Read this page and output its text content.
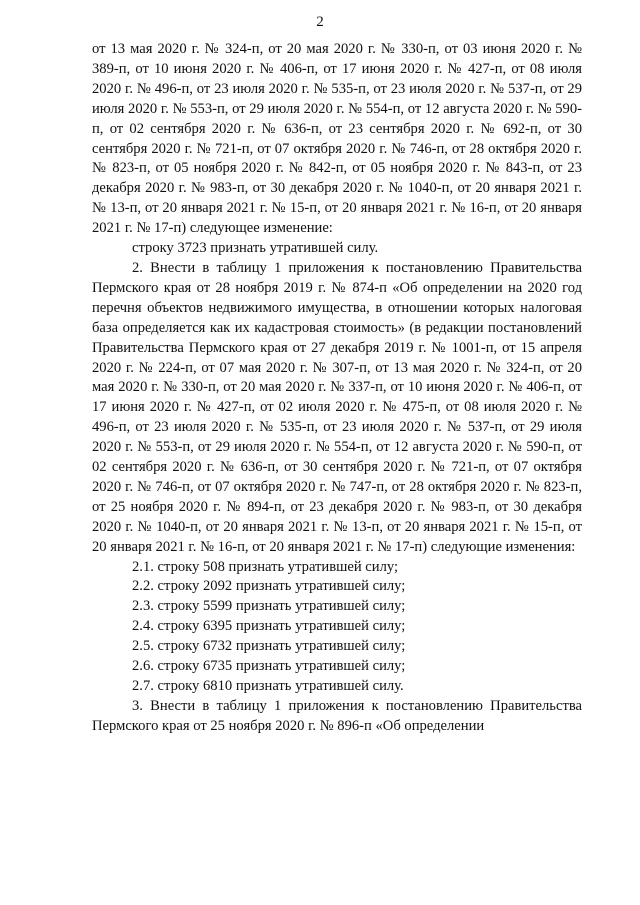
2

от 13 мая 2020 г. № 324-п, от 20 мая 2020 г. № 330-п, от 03 июня 2020 г. № 389-п, от 10 июня 2020 г. № 406-п, от 17 июня 2020 г. № 427-п, от 08 июля 2020 г. № 496-п, от 23 июля 2020 г. № 535-п, от 23 июля 2020 г. № 537-п, от 29 июля 2020 г. № 553-п, от 29 июля 2020 г. № 554-п, от 12 августа 2020 г. № 590-п, от 02 сентября 2020 г. № 636-п, от 23 сентября 2020 г. № 692-п, от 30 сентября 2020 г. № 721-п, от 07 октября 2020 г. № 746-п, от 28 октября 2020 г. № 823-п, от 05 ноября 2020 г. № 842-п, от 05 ноября 2020 г. № 843-п, от 23 декабря 2020 г. № 983-п, от 30 декабря 2020 г. № 1040-п, от 20 января 2021 г. № 13-п, от 20 января 2021 г. № 15-п, от 20 января 2021 г. № 16-п, от 20 января 2021 г. № 17-п) следующее изменение:

строку 3723 признать утратившей силу.

2. Внести в таблицу 1 приложения к постановлению Правительства Пермского края от 28 ноября 2019 г. № 874-п «Об определении на 2020 год перечня объектов недвижимого имущества, в отношении которых налоговая база определяется как их кадастровая стоимость» (в редакции постановлений Правительства Пермского края от 27 декабря 2019 г. № 1001-п, от 15 апреля 2020 г. № 224-п, от 07 мая 2020 г. № 307-п, от 13 мая 2020 г. № 324-п, от 20 мая 2020 г. № 330-п, от 20 мая 2020 г. № 337-п, от 10 июня 2020 г. № 406-п, от 17 июня 2020 г. № 427-п, от 02 июля 2020 г. № 475-п, от 08 июля 2020 г. № 496-п, от 23 июля 2020 г. № 535-п, от 23 июля 2020 г. № 537-п, от 29 июля 2020 г. № 553-п, от 29 июля 2020 г. № 554-п, от 12 августа 2020 г. № 590-п, от 02 сентября 2020 г. № 636-п, от 30 сентября 2020 г. № 721-п, от 07 октября 2020 г. № 746-п, от 07 октября 2020 г. № 747-п, от 28 октября 2020 г. № 823-п, от 25 ноября 2020 г. № 894-п, от 23 декабря 2020 г. № 983-п, от 30 декабря 2020 г. № 1040-п, от 20 января 2021 г. № 13-п, от 20 января 2021 г. № 15-п, от 20 января 2021 г. № 16-п, от 20 января 2021 г. № 17-п) следующие изменения:

2.1. строку 508 признать утратившей силу;

2.2. строку 2092 признать утратившей силу;

2.3. строку 5599 признать утратившей силу;

2.4. строку 6395 признать утратившей силу;

2.5. строку 6732 признать утратившей силу;

2.6. строку 6735 признать утратившей силу;

2.7. строку 6810 признать утратившей силу.

3. Внести в таблицу 1 приложения к постановлению Правительства Пермского края от 25 ноября 2020 г. № 896-п «Об определении
